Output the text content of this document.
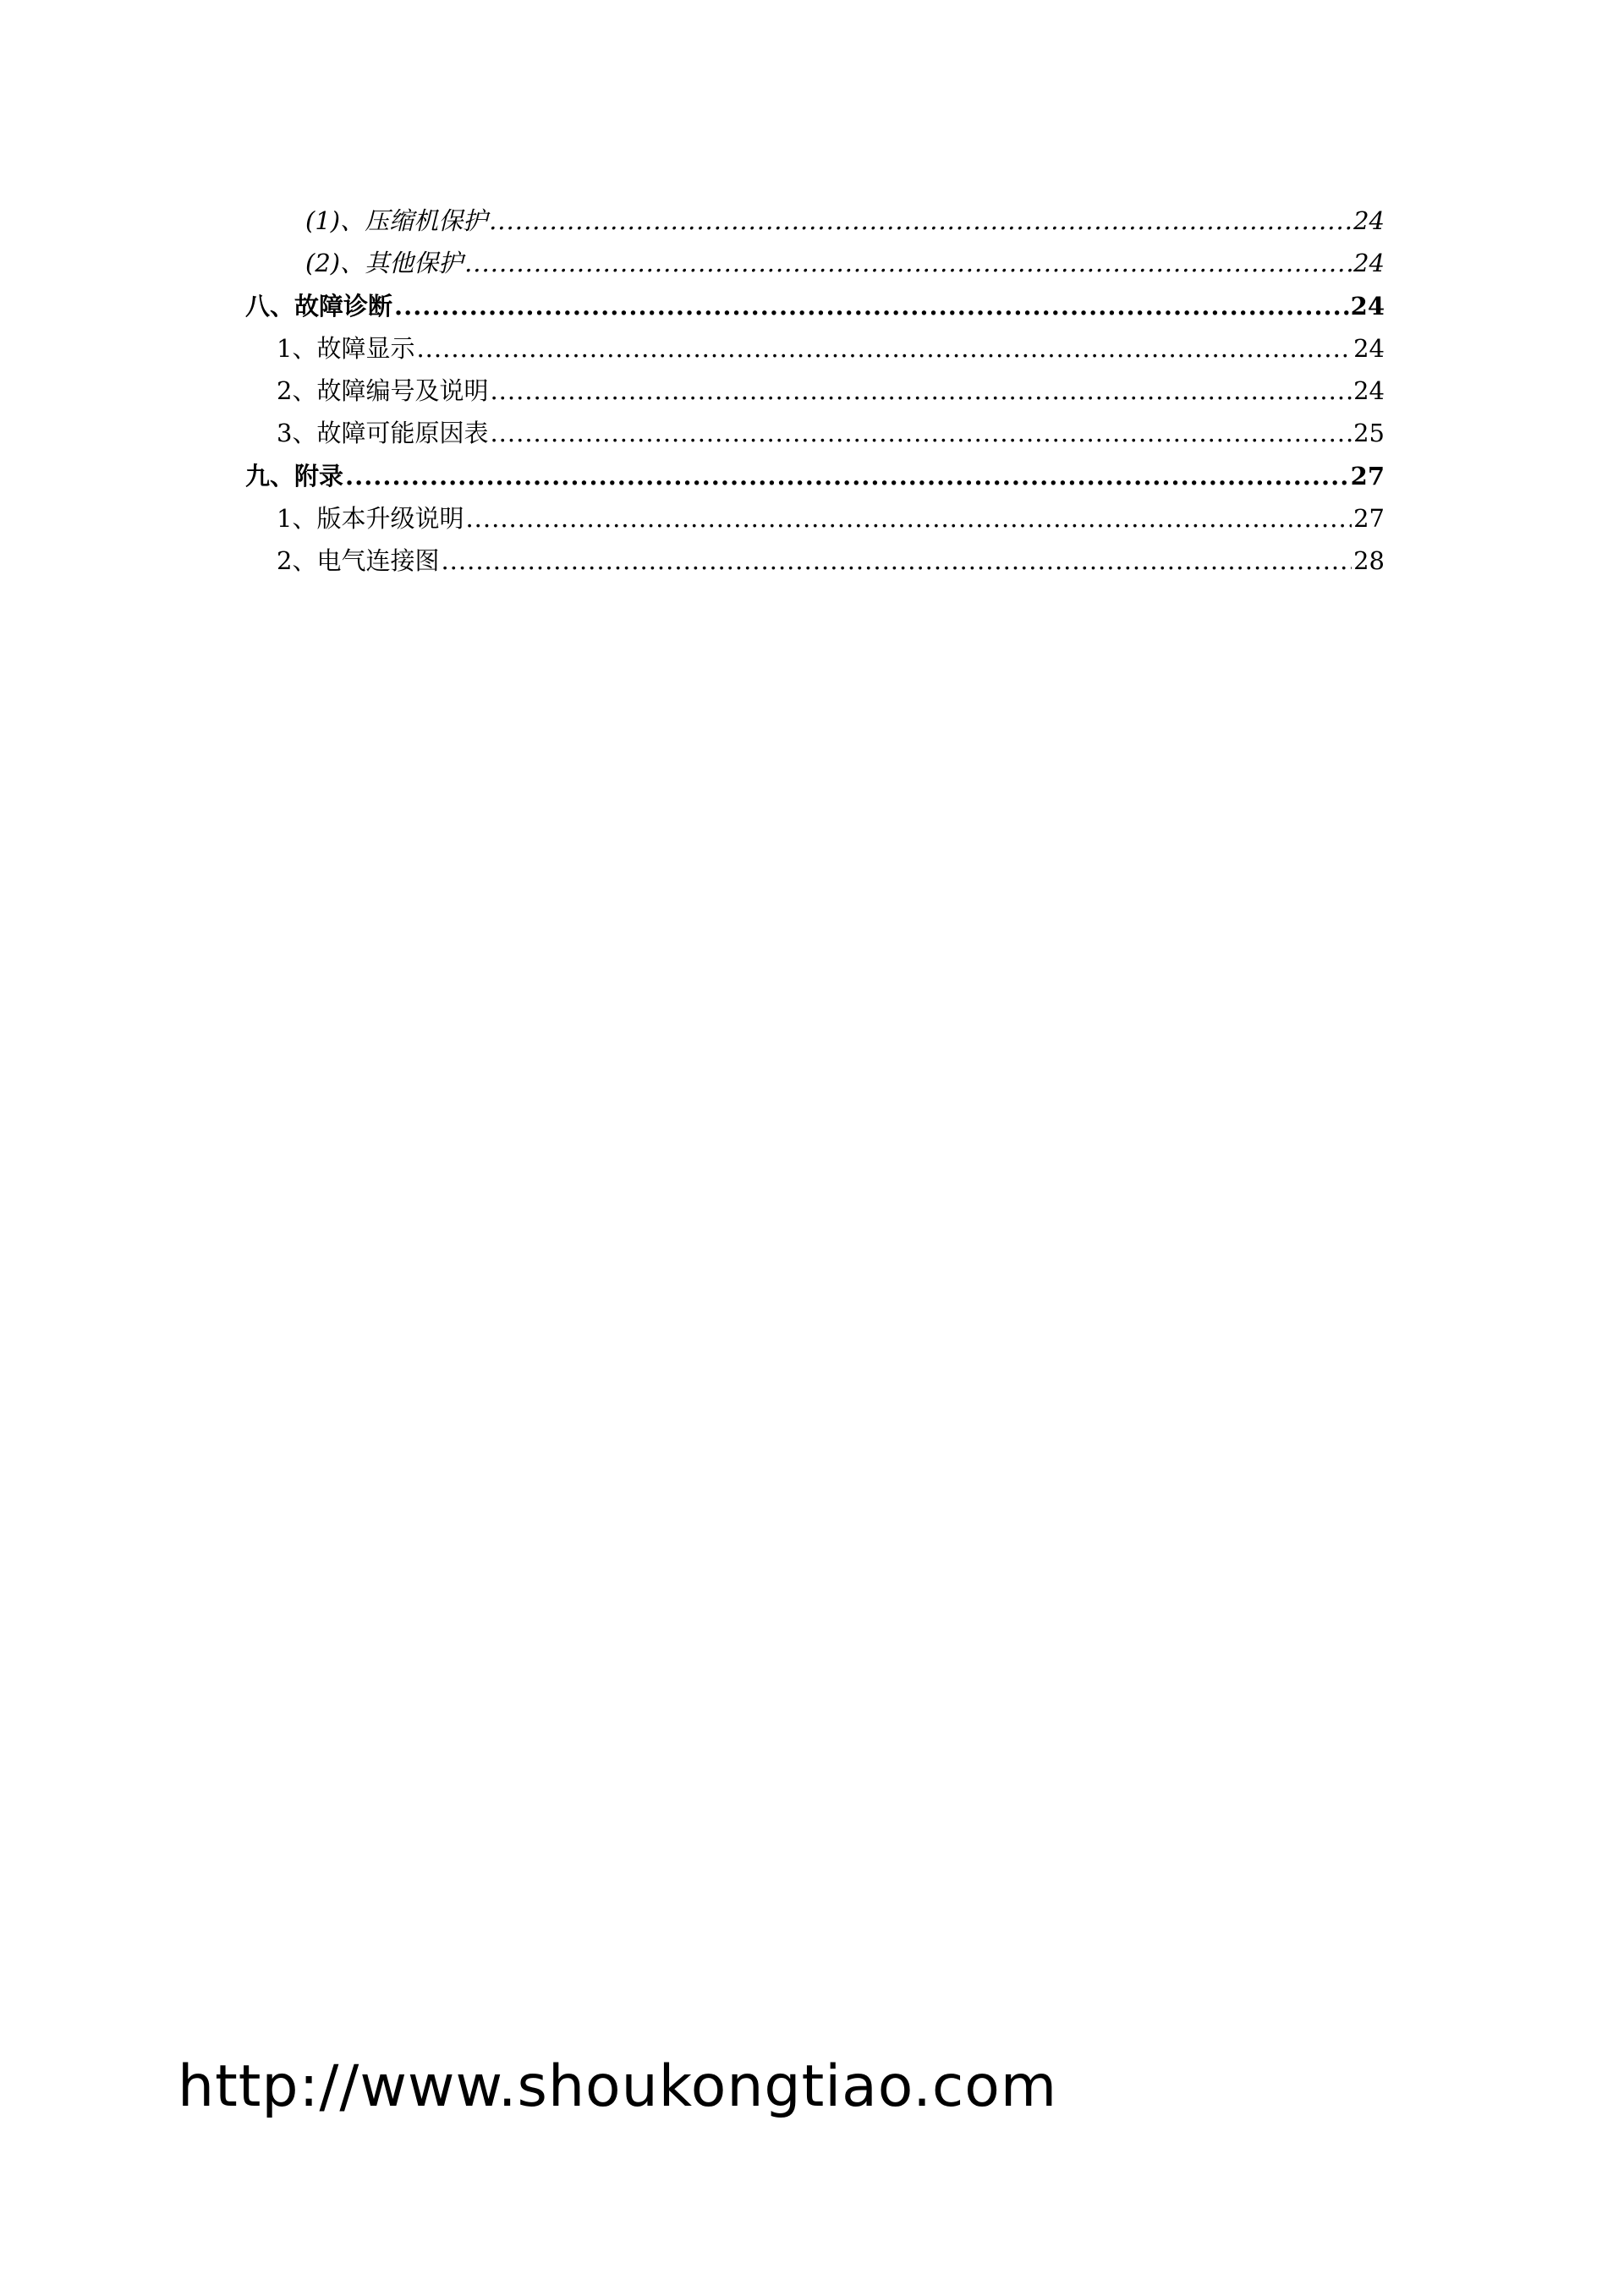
(1)、压缩机保护 .....	24
(2)、其他保护 .....	24
八、故障诊断 .....	24
1、故障显示 .....	24
2、故障编号及说明 .....	24
3、故障可能原因表 .....	25
九、附录 .....	27
1、版本升级说明 .....	27
2、电气连接图 .....	28
http://www.shoukongtiao.com
